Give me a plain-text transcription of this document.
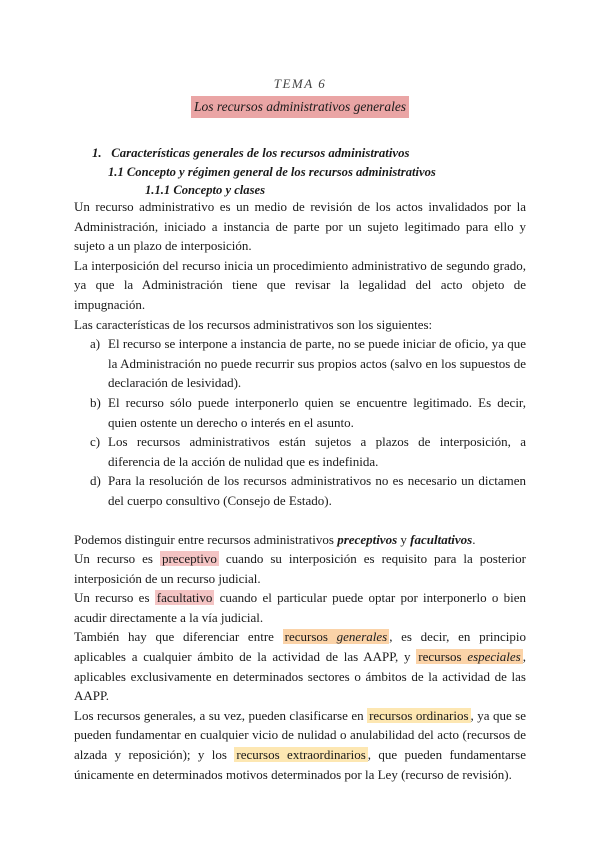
TEMA 6
Los recursos administrativos generales
1. Características generales de los recursos administrativos
1.1 Concepto y régimen general de los recursos administrativos
1.1.1 Concepto y clases

Un recurso administrativo es un medio de revisión de los actos invalidados por la Administración, iniciado a instancia de parte por un sujeto legitimado para ello y sujeto a un plazo de interposición.

La interposición del recurso inicia un procedimiento administrativo de segundo grado, ya que la Administración tiene que revisar la legalidad del acto objeto de impugnación.

Las características de los recursos administrativos son los siguientes:

a) El recurso se interpone a instancia de parte, no se puede iniciar de oficio, ya que la Administración no puede recurrir sus propios actos (salvo en los supuestos de declaración de lesividad).
b) El recurso sólo puede interponerlo quien se encuentre legitimado. Es decir, quien ostente un derecho o interés en el asunto.
c) Los recursos administrativos están sujetos a plazos de interposición, a diferencia de la acción de nulidad que es indefinida.
d) Para la resolución de los recursos administrativos no es necesario un dictamen del cuerpo consultivo (Consejo de Estado).

Podemos distinguir entre recursos administrativos preceptivos y facultativos.

Un recurso es preceptivo cuando su interposición es requisito para la posterior interposición de un recurso judicial.

Un recurso es facultativo cuando el particular puede optar por interponerlo o bien acudir directamente a la vía judicial.

También hay que diferenciar entre recursos generales , es decir, en principio aplicables a cualquier ámbito de la actividad de las AAPP, y recursos especiales , aplicables exclusivamente en determinados sectores o ámbitos de la actividad de las AAPP.

Los recursos generales, a su vez, pueden clasificarse en recursos ordinarios , ya que se pueden fundamentar en cualquier vicio de nulidad o anulabilidad del acto (recursos de alzada y reposición); y los recursos extraordinarios , que pueden fundamentarse únicamente en determinados motivos determinados por la Ley (recurso de revisión).
